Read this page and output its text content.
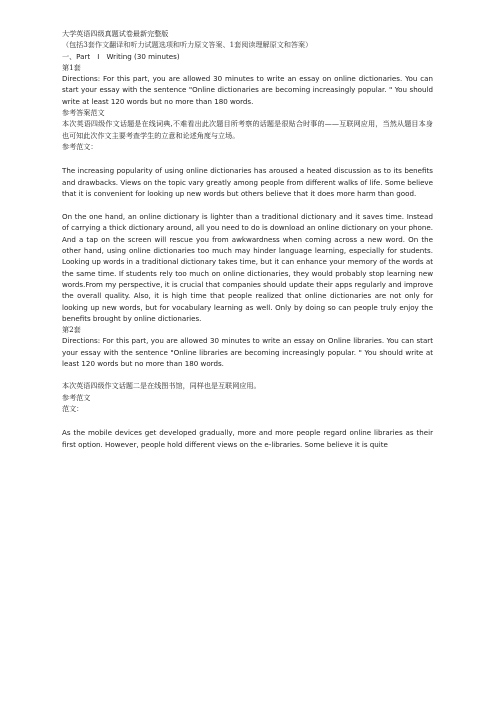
大学英语四级真题试卷最新完整版
（包括3套作文翻译和听力试题选项和听力原文答案、1套阅读理解原文和答案）
一、Part　Ⅰ　Writing (30 minutes)
第1套

Directions: For this part, you are allowed 30 minutes to write an essay on online dictionaries. You can start your essay with the sentence "Online dictionaries are becoming increasingly popular. " You should write at least 120 words but no more than 180 words.

参考答案范文

本次英语四级作文话题是在线词典,不难看出此次题目所考察的话题是很贴合时事的——互联网应用，当然从题目本身也可知此次作文主要考查学生的立意和论述角度与立场。

参考范文：

The increasing popularity of using online dictionaries has aroused a heated discussion as to its benefits and drawbacks. Views on the topic vary greatly among people from different walks of life. Some believe that it is convenient for looking up new words but others believe that it does more harm than good.

On the one hand, an online dictionary is lighter than a traditional dictionary and it saves time. Instead of carrying a thick dictionary around, all you need to do is download an online dictionary on your phone. And a tap on the screen will rescue you from awkwardness when coming across a new word. On the other hand, using online dictionaries too much may hinder language learning, especially for students. Looking up words in a traditional dictionary takes time, but it can enhance your memory of the words at the same time. If students rely too much on online dictionaries, they would probably stop learning new words.From my perspective, it is crucial that companies should update their apps regularly and improve the overall quality. Also, it is high time that people realized that online dictionaries are not only for looking up new words, but for vocabulary learning as well. Only by doing so can people truly enjoy the benefits brought by online dictionaries.

第2套

Directions: For this part, you are allowed 30 minutes to write an essay on Online libraries. You can start your essay with the sentence "Online libraries are becoming increasingly popular. " You should write at least 120 words but no more than 180 words.

本次英语四级作文话题二是在线图书馆，同样也是互联网应用。

参考范文
范文：

As the mobile devices get developed gradually, more and more people regard online libraries as their first option. However, people hold different views on the e-libraries. Some believe it is quite
